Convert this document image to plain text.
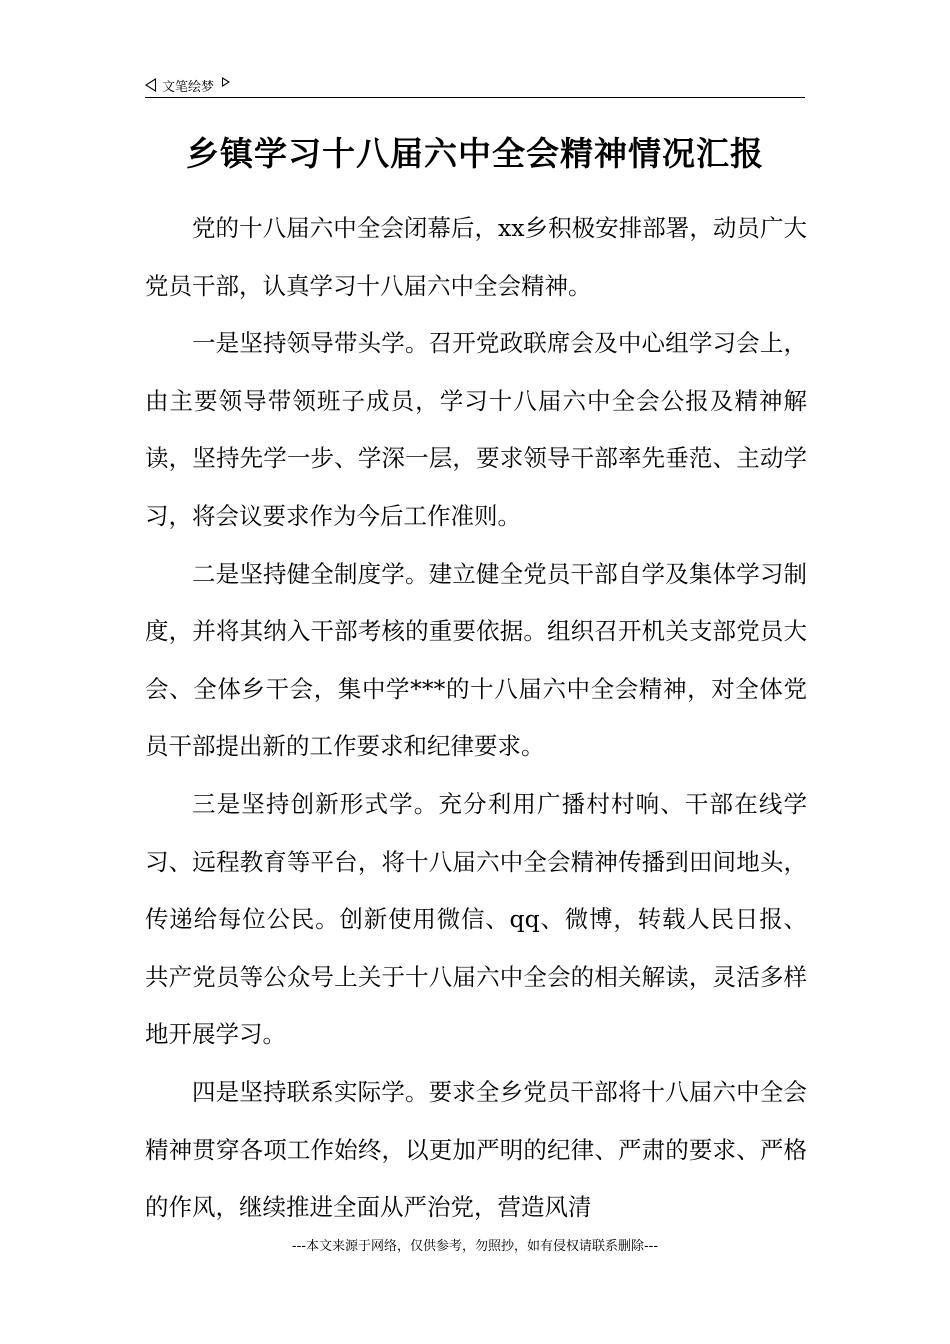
文笔绘梦
乡镇学习十八届六中全会精神情况汇报

党的十八届六中全会闭幕后，xx乡积极安排部署，动员广大党员干部，认真学习十八届六中全会精神。

一是坚持领导带头学。召开党政联席会及中心组学习会上，由主要领导带领班子成员，学习十八届六中全会公报及精神解读，坚持先学一步、学深一层，要求领导干部率先垂范、主动学习，将会议要求作为今后工作准则。

二是坚持健全制度学。建立健全党员干部自学及集体学习制度，并将其纳入干部考核的重要依据。组织召开机关支部党员大会、全体乡干会，集中学***的十八届六中全会精神，对全体党员干部提出新的工作要求和纪律要求。

三是坚持创新形式学。充分利用广播村村响、干部在线学习、远程教育等平台，将十八届六中全会精神传播到田间地头，传递给每位公民。创新使用微信、qq、微博，转载人民日报、共产党员等公众号上关于十八届六中全会的相关解读，灵活多样地开展学习。

四是坚持联系实际学。要求全乡党员干部将十八届六中全会精神贯穿各项工作始终，以更加严明的纪律、严肃的要求、严格的作风，继续推进全面从严治党，营造风清

---本文来源于网络，仅供参考，勿照抄，如有侵权请联系删除---
